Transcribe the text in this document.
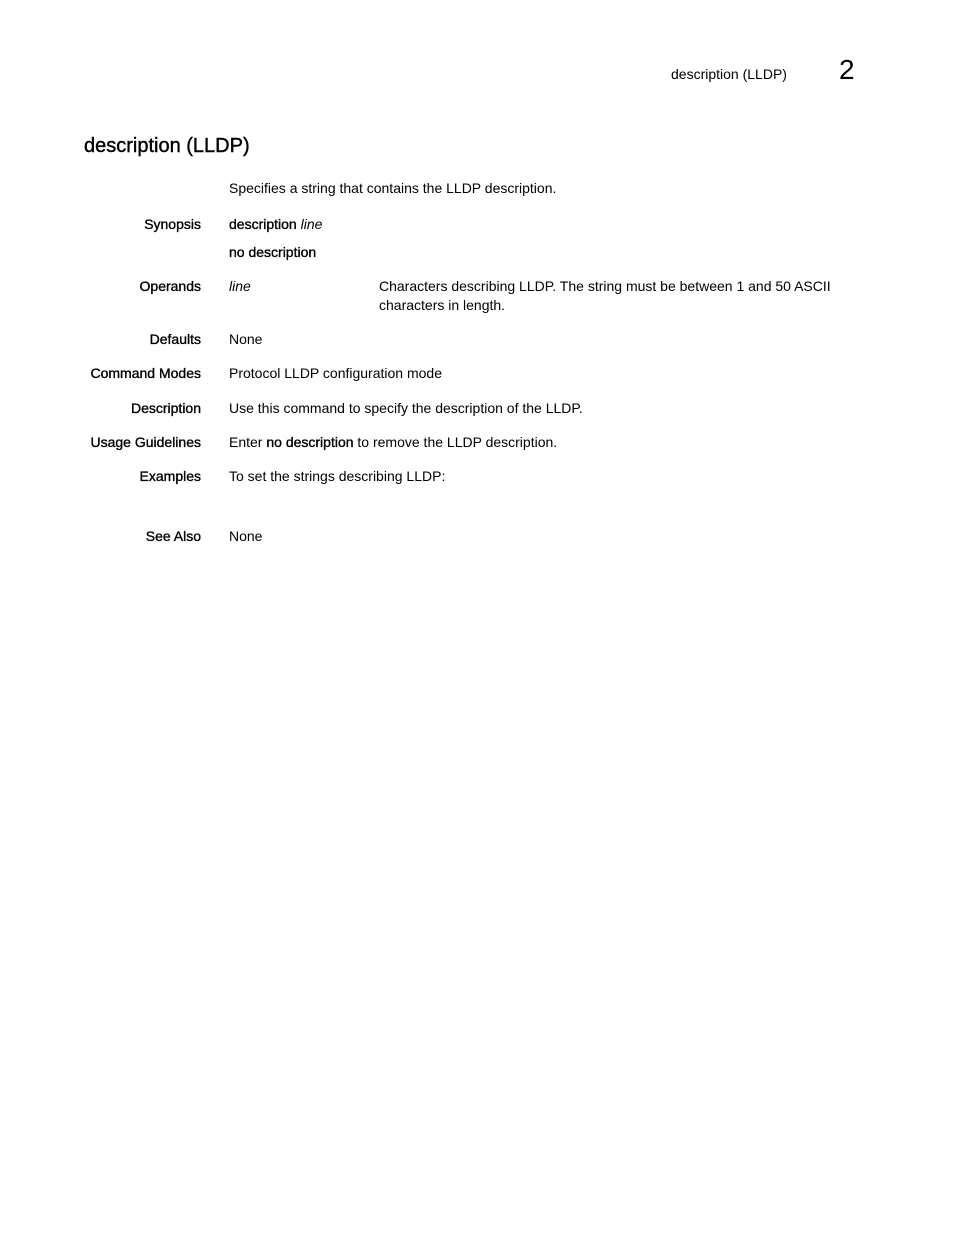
description (LLDP) 2
description (LLDP)
Specifies a string that contains the LLDP description.
Synopsis description line
no description
Operands line	Characters describing LLDP. The string must be between 1 and 50 ASCII characters in length.
Defaults None
Command Modes Protocol LLDP configuration mode
Description Use this command to specify the description of the LLDP.
Usage Guidelines Enter no description to remove the LLDP description.
Examples To set the strings describing LLDP:
See Also None
